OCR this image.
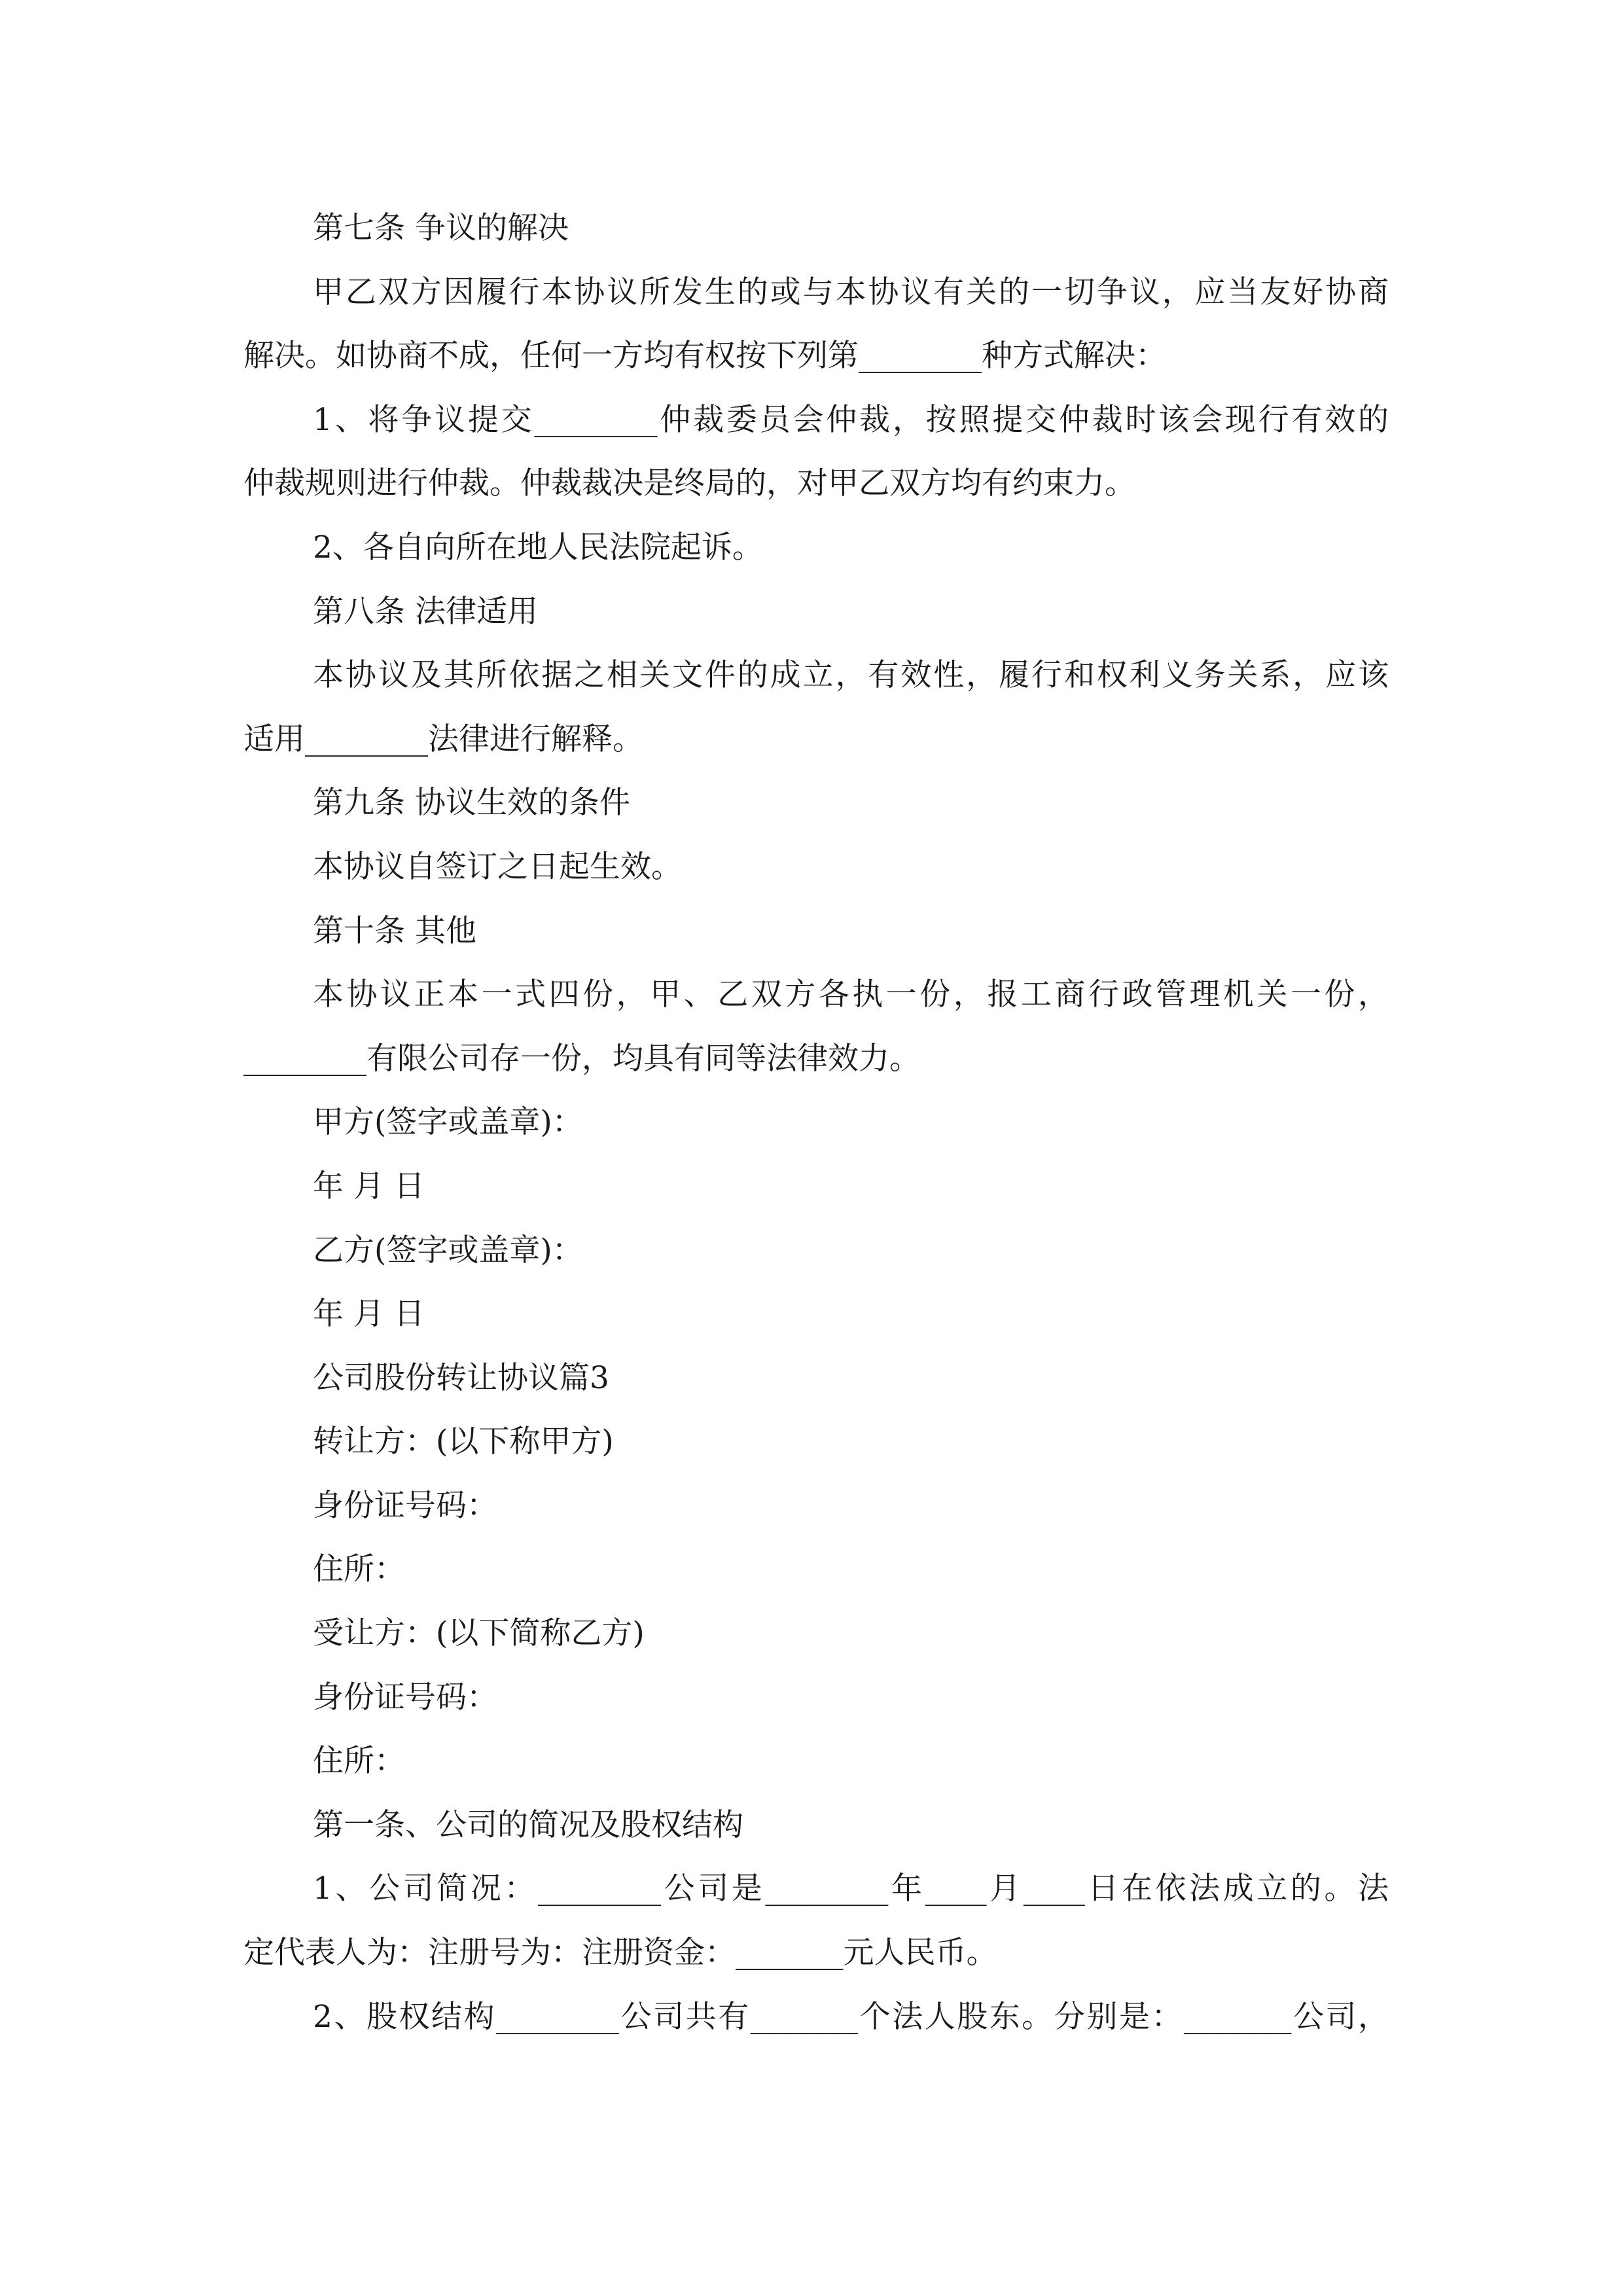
第七条 争议的解决
甲乙双方因履行本协议所发生的或与本协议有关的一切争议，应当友好协商
解决。如协商不成，任何一方均有权按下列第________种方式解决：
1、将争议提交________仲裁委员会仲裁，按照提交仲裁时该会现行有效的
仲裁规则进行仲裁。仲裁裁决是终局的，对甲乙双方均有约束力。
2、各自向所在地人民法院起诉。
第八条 法律适用
本协议及其所依据之相关文件的成立，有效性，履行和权利义务关系，应该
适用________法律进行解释。
第九条 协议生效的条件
本协议自签订之日起生效。
第十条 其他
本协议正本一式四份，甲、乙双方各执一份，报工商行政管理机关一份，
________有限公司存一份，均具有同等法律效力。
甲方(签字或盖章)：
年 月 日
乙方(签字或盖章)：
年 月 日
公司股份转让协议篇3
转让方：(以下称甲方)
身份证号码：
住所：
受让方：(以下简称乙方)
身份证号码：
住所：
第一条、公司的简况及股权结构
1、公司简况：________公司是________年____月____日在依法成立的。法
定代表人为：注册号为：注册资金：_______元人民币。
2、股权结构________公司共有_______个法人股东。分别是：_______公司，
